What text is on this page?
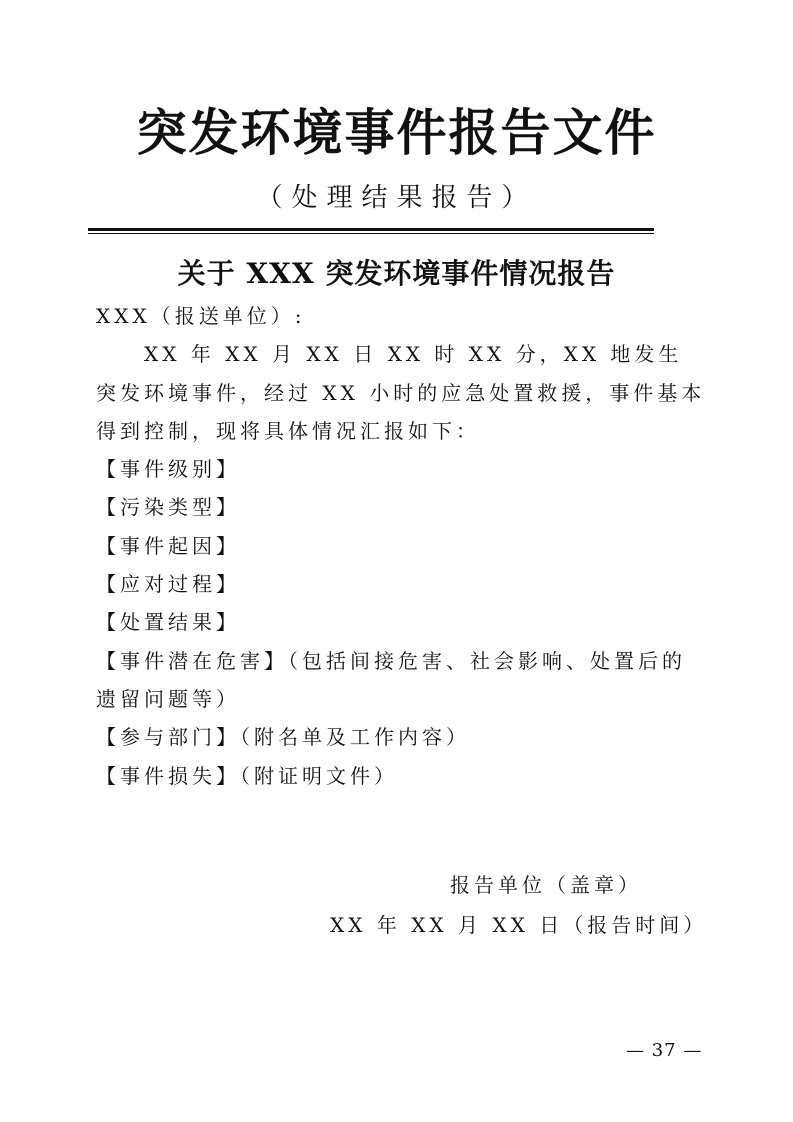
突发环境事件报告文件
（处理结果报告）
关于 XXX 突发环境事件情况报告

XXX（报送单位）:

XX 年 XX 月 XX 日 XX 时 XX 分，XX 地发生突发环境事件，经过 XX 小时的应急处置救援，事件基本得到控制，现将具体情况汇报如下：

【事件级别】

【污染类型】

【事件起因】

【应对过程】

【处置结果】

【事件潜在危害】（包括间接危害、社会影响、处置后的遗留问题等）

【参与部门】（附名单及工作内容）

【事件损失】（附证明文件）

报告单位（盖章）
XX 年 XX 月 XX 日（报告时间）
— 37 —
